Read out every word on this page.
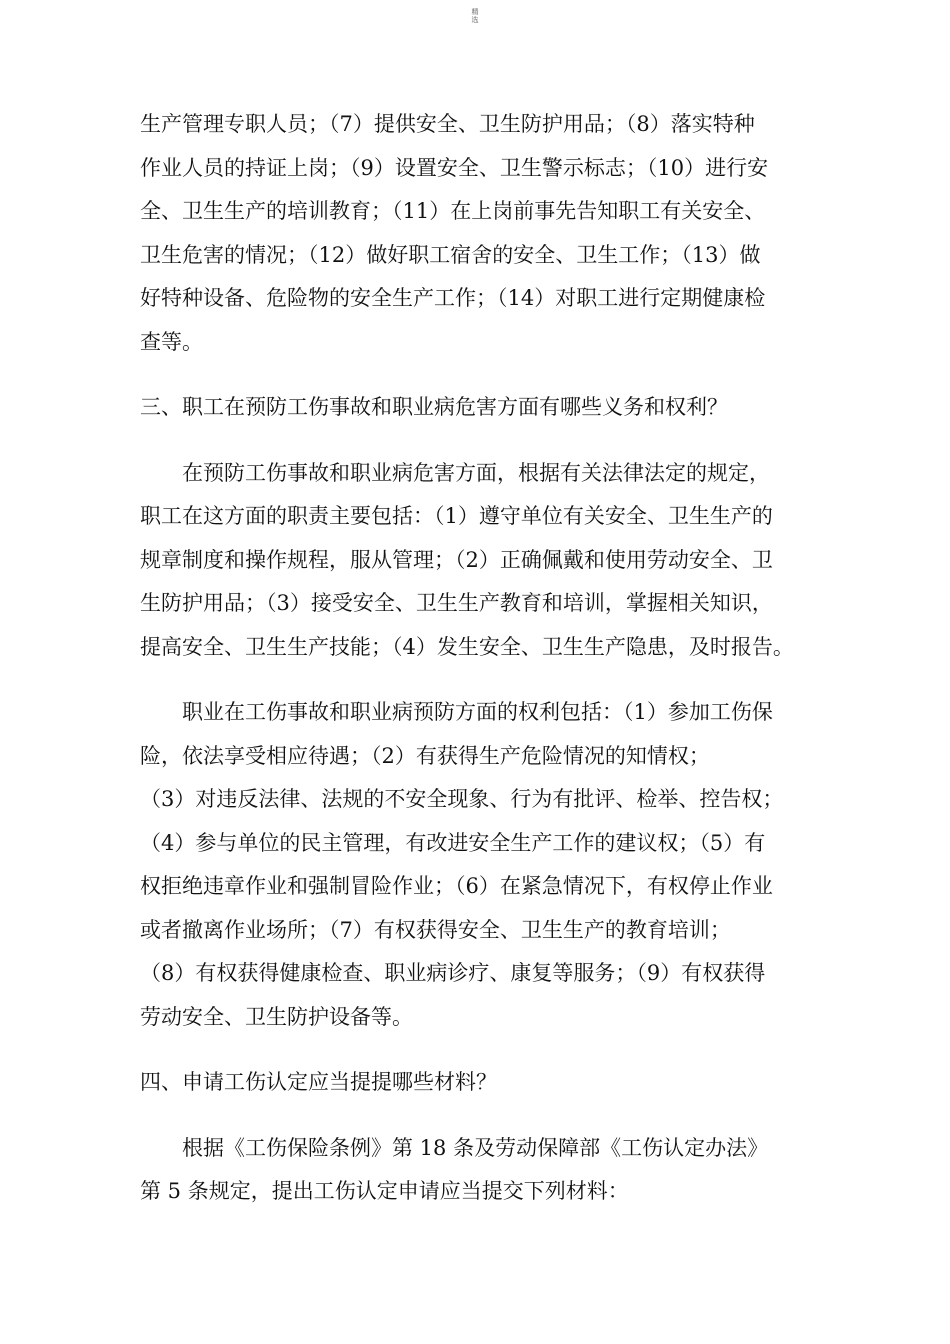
精
选
生产管理专职人员；（7）提供安全、卫生防护用品；（8）落实特种
作业人员的持证上岗；（9）设置安全、卫生警示标志；（10）进行安
全、卫生生产的培训教育；（11）在上岗前事先告知职工有关安全、
卫生危害的情况；（12）做好职工宿舍的安全、卫生工作；（13）做
好特种设备、危险物的安全生产工作；（14）对职工进行定期健康检
查等。
三、职工在预防工伤事故和职业病危害方面有哪些义务和权利？
在预防工伤事故和职业病危害方面，根据有关法律法定的规定，
职工在这方面的职责主要包括：（1）遵守单位有关安全、卫生生产的
规章制度和操作规程，服从管理；（2）正确佩戴和使用劳动安全、卫
生防护用品；（3）接受安全、卫生生产教育和培训，掌握相关知识，
提高安全、卫生生产技能；（4）发生安全、卫生生产隐患，及时报告。
职业在工伤事故和职业病预防方面的权利包括：（1）参加工伤保
险，依法享受相应待遇；（2）有获得生产危险情况的知情权；
（3）对违反法律、法规的不安全现象、行为有批评、检举、控告权；
（4）参与单位的民主管理，有改进安全生产工作的建议权；（5）有
权拒绝违章作业和强制冒险作业；（6）在紧急情况下，有权停止作业
或者撤离作业场所；（7）有权获得安全、卫生生产的教育培训；
（8）有权获得健康检查、职业病诊疗、康复等服务；（9）有权获得
劳动安全、卫生防护设备等。
四、申请工伤认定应当提提哪些材料？
根据《工伤保险条例》第 18 条及劳动保障部《工伤认定办法》
第 5 条规定，提出工伤认定申请应当提交下列材料：
